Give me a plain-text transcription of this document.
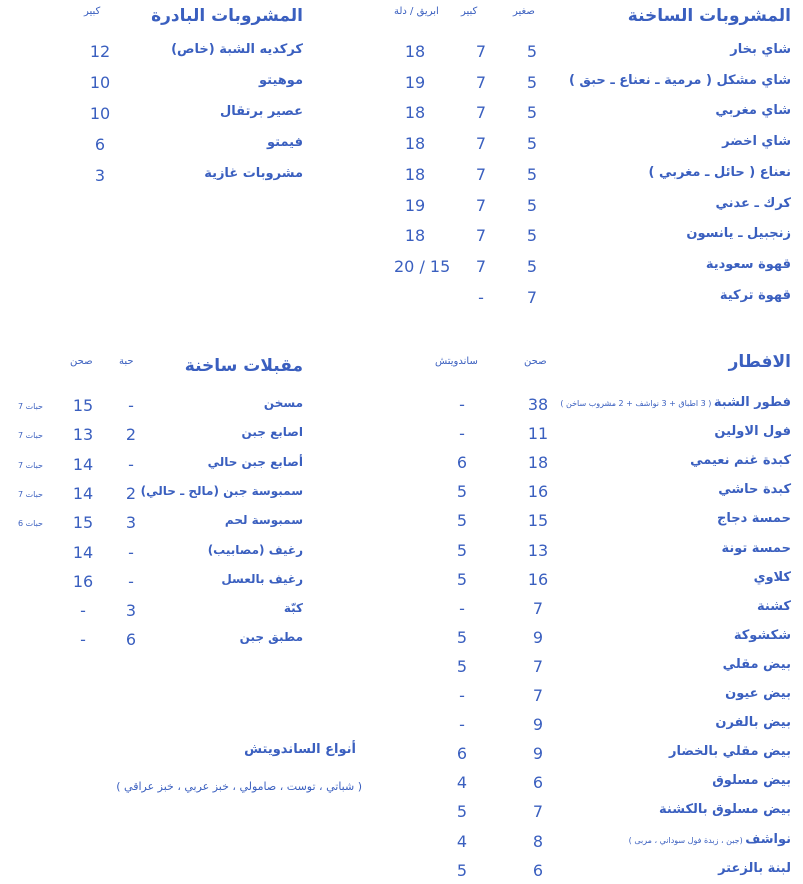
المشروبات الساخنة
صغير
كبير
ابريق / دلة
شاي بخار
5
7
18
شاي مشكل ( مرمية ـ نعناع ـ حبق )
5
7
19
شاي مغربي
5
7
18
شاي اخضر
5
7
18
نعناع ( حائل ـ مغربي )
5
7
18
كرك ـ عدني
5
7
19
زنجبيل ـ يانسون
5
7
18
قهوة سعودية
5
7
20 / 15
قهوة تركية
7
-
المشروبات البادرة
كبير
كركديه الشبة (خاص)
12
موهيتو
10
عصير برتقال
10
فيمتو
6
مشروبات غازية
3
الافطار
صحن
ساندويتش
فطور الشبة ( 3 اطباق + 3 نواشف + 2 مشروب ساخن )
38
-
فول الاولين
11
-
كبدة غنم نعيمي
18
6
كبدة حاشي
16
5
حمسة دجاج
15
5
حمسة تونة
13
5
كلاوي
16
5
كشنة
7
-
شكشوكة
9
5
بيض مقلي
7
5
بيض عيون
7
-
بيض بالفرن
9
-
بيض مقلي بالخضار
9
6
بيض مسلوق
6
4
بيض مسلوق بالكشنة
7
5
نواشف (جبن ، زبدة فول سوداني ، مربى )
8
4
لبنة بالزعتر
6
5
مقبلات ساخنة
حبة
صحن
مسخن
-
15
7 حبات
اصابع جبن
2
13
7 حبات
أصابع جبن حالي
-
14
7 حبات
سمبوسة جبن (مالح ـ حالي)
2
14
7 حبات
سمبوسة لحم
3
15
6 حبات
رغيف (مصابيب)
-
14
رغيف بالعسل
-
16
كبّة
3
-
مطبق جبن
6
-
أنواع الساندويتش
( شباتي ، توست ، صامولي ، خبز عربي ، خبز عراقي )
